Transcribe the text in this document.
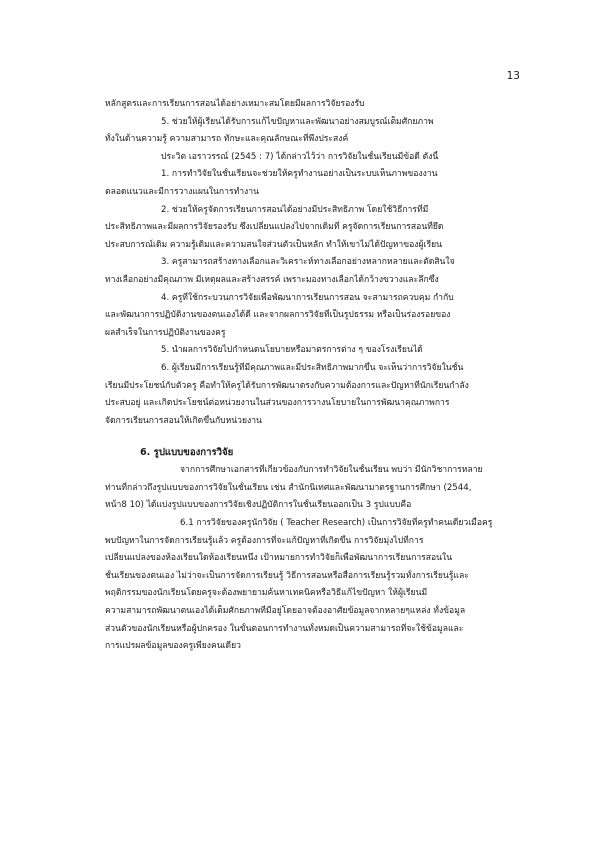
13
หลักสูตรและการเรียนการสอนได้อย่างเหมาะสมโดยมีผลการวิจัยรองรับ
5. ช่วยให้ผู้เรียนได้รับการแก้ไขปัญหาและพัฒนาอย่างสมบูรณ์เต็มศักยภาพ
ทั้งในด้านความรู้ ความสามารถ ทักษะและคุณลักษณะที่พึงประสงค์
ประวิต เอราวรรณ์ (2545 : 7) ได้กล่าวไว้ว่า การวิจัยในชั้นเรียนมีข้อดี ดังนี้
1. การทำวิจัยในชั้นเรียนจะช่วยให้ครูทำงานอย่างเป็นระบบเห็นภาพของงาน
ตลอดแนวและมีการวางแผนในการทำงาน
2. ช่วยให้ครูจัดการเรียนการสอนได้อย่างมีประสิทธิภาพ โดยใช้วิธีการที่มี
ประสิทธิภาพและมีผลการวิจัยรองรับ ซึ่งเปลี่ยนแปลงไปจากเดิมที่ ครูจัดการเรียนการสอนที่ยึด
ประสบการณ์เดิม ความรู้เดิมและความสนใจส่วนตัวเป็นหลัก ทำให้เขาไม่ได้ปัญหาของผู้เรียน
3. ครูสามารถสร้างทางเลือกและวิเคราะห์ทางเลือกอย่างหลากหลายและตัดสินใจ
ทางเลือกอย่างมีคุณภาพ มีเหตุผลและสร้างสรรค์ เพราะมองทางเลือกได้กว้างขวางและลึกซึ้ง
4. ครูที่ใช้กระบวนการวิจัยเพื่อพัฒนาการเรียนการสอน จะสามารถควบคุม กำกับ
และพัฒนาการปฏิบัติงานของตนเองได้ดี และจากผลการวิจัยที่เป็นรูปธรรม หรือเป็นร่องรอยของ
ผลสำเร็จในการปฏิบัติงานของครู
5. นำผลการวิจัยไปกำหนดนโยบายหรือมาตรการต่าง ๆ ของโรงเรียนได้
6. ผู้เรียนมีการเรียนรู้ที่มีคุณภาพและมีประสิทธิภาพมากขึ้น จะเห็นว่าการวิจัยในชั้น
เรียนมีประโยชน์กับตัวครู คือทำให้ครูได้รับการพัฒนาตรงกับความต้องการและปัญหาที่นักเรียนกำลัง
ประสบอยู่ และเกิดประโยชน์ต่อหน่วยงานในส่วนของการวางนโยบายในการพัฒนาคุณภาพการ
จัดการเรียนการสอนให้เกิดขึ้นกับหน่วยงาน
6. รูปแบบของการวิจัย
จากการศึกษาเอกสารที่เกี่ยวข้องกับการทำวิจัยในชั้นเรียน พบว่า มีนักวิชาการหลาย
ท่านที่กล่าวถึงรูปแบบของการวิจัยในชั้นเรียน เช่น สำนักนิเทศและพัฒนามาตรฐานการศึกษา (2544,
หน้า8 10) ได้แบ่งรูปแบบของการวิจัยเชิงปฏิบัติการในชั้นเรียนออกเป็น 3 รูปแบบคือ
6.1 การวิจัยของครูนักวิจัย ( Teacher Research) เป็นการวิจัยที่ครูทำคนเดียวเมื่อครู
พบปัญหาในการจัดการเรียนรู้แล้ว ครูต้องการที่จะแก้ปัญหาที่เกิดขึ้น การวิจัยมุ่งไปที่การ
เปลี่ยนแปลงของห้องเรียนใดห้องเรียนหนึ่ง เป้าหมายการทำวิจัยก็เพื่อพัฒนาการเรียนการสอนใน
ชั้นเรียนของตนเอง ไม่ว่าจะเป็นการจัดการเรียนรู้ วิธีการสอนหรือสื่อการเรียนรู้รวมทั้งการเรียนรู้และ
พฤติกรรมของนักเรียนโดยครูจะต้องพยายามค้นหาเทคนิคหรือวิธีแก้ไขปัญหา ให้ผู้เรียนมี
ความสามารถพัฒนาตนเองได้เต็มศักยภาพที่มีอยู่โดยอาจต้องอาศัยข้อมูลจากหลายๆแหล่ง ทั้งข้อมูล
ส่วนตัวของนักเรียนหรือผู้ปกครอง ในขั้นตอนการทำงานทั้งหมดเป็นความสามารถที่จะใช้ข้อมูลและ
การแปรผลข้อมูลของครูเพียงคนเดียว
